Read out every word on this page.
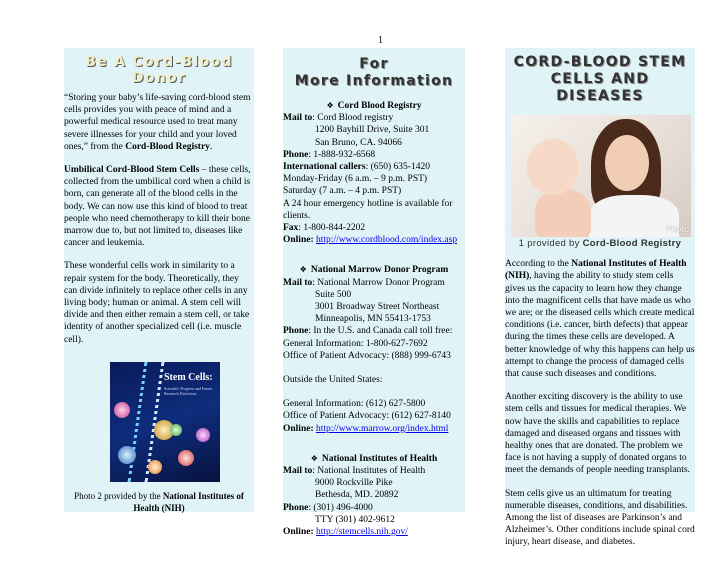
1
Be A Cord-Blood
Donor

“Storing your baby’s life-saving cord-blood stem cells provides you with peace of mind and a powerful medical resource used to treat many severe illnesses for your child and your loved ones,” from the Cord-Blood Registry.

Umbilical Cord-Blood Stem Cells – these cells, collected from the umbilical cord when a child is born, can generate all of the blood cells in the body. We can now use this kind of blood to treat people who need chemotherapy to kill their bone marrow due to, but not limited to, diseases like cancer and leukemia.

These wonderful cells work in similarity to a repair system for the body. Theoretically, they can divide infinitely to replace other cells in any living body; human or animal. A stem cell will divide and then either remain a stem cell, or take identity of another specialized cell (i.e. muscle cell).

Stem Cells:
Scientific Progress and Future Research Directions
Photo 2 provided by the National Institutes of Health (NIH)
For
More Information
❖ Cord Blood Registry
Mail to : Cord Blood registry
1200 Bayhill Drive, Suite 301
San Bruno, CA. 94066
Phone : 1-888-932-6568
International callers : (650) 635-1420
Monday-Friday (6 a.m. – 9 p.m. PST)
Saturday (7 a.m. – 4 p.m. PST)
A 24 hour emergency hotline is available for clients.
Fax : 1-800-844-2202
Online: http://www.cordblood.com/index.asp
❖ National Marrow Donor Program
Mail to : National Marrow Donor Program
Suite 500
3001 Broadway Street Northeast
Minneapolis, MN 55413-1753
Phone : In the U.S. and Canada call toll free:
General Information: 1-800-627-7692
Office of Patient Advocacy: (888) 999-6743
Outside the United States:
General Information: (612) 627-5800
Office of Patient Advocacy: (612) 627-8140
Online: http://www.marrow.org/index.html
❖ National Institutes of Health
Mail to : National Institutes of Health
9000 Rockville Pike
Bethesda, MD. 20892
Phone : (301) 496-4000
TTY (301) 402-9612
Online: http://stemcells.nih.gov/
CORD-BLOOD STEM
CELLS AND DISEASES
Photo
1 provided by Cord-Blood Registry

According to the National Institutes of Health (NIH), having the ability to study stem cells gives us the capacity to learn how they change into the magnificent cells that have made us who we are; or the diseased cells which create medical conditions (i.e. cancer, birth defects) that appear during the times these cells are developed. A better knowledge of why this happens can help us attempt to change the process of damaged cells that cause such diseases and conditions.

Another exciting discovery is the ability to use stem cells and tissues for medical therapies. We now have the skills and capabilities to replace damaged and diseased organs and tissues with healthy ones that are donated. The problem we face is not having a supply of donated organs to meet the demands of people needing transplants.

Stem cells give us an ultimatum for treating numerable diseases, conditions, and disabilities. Among the list of diseases are Parkinson’s and Alzheimer’s. Other conditions include spinal cord injury, heart disease, and diabetes.
